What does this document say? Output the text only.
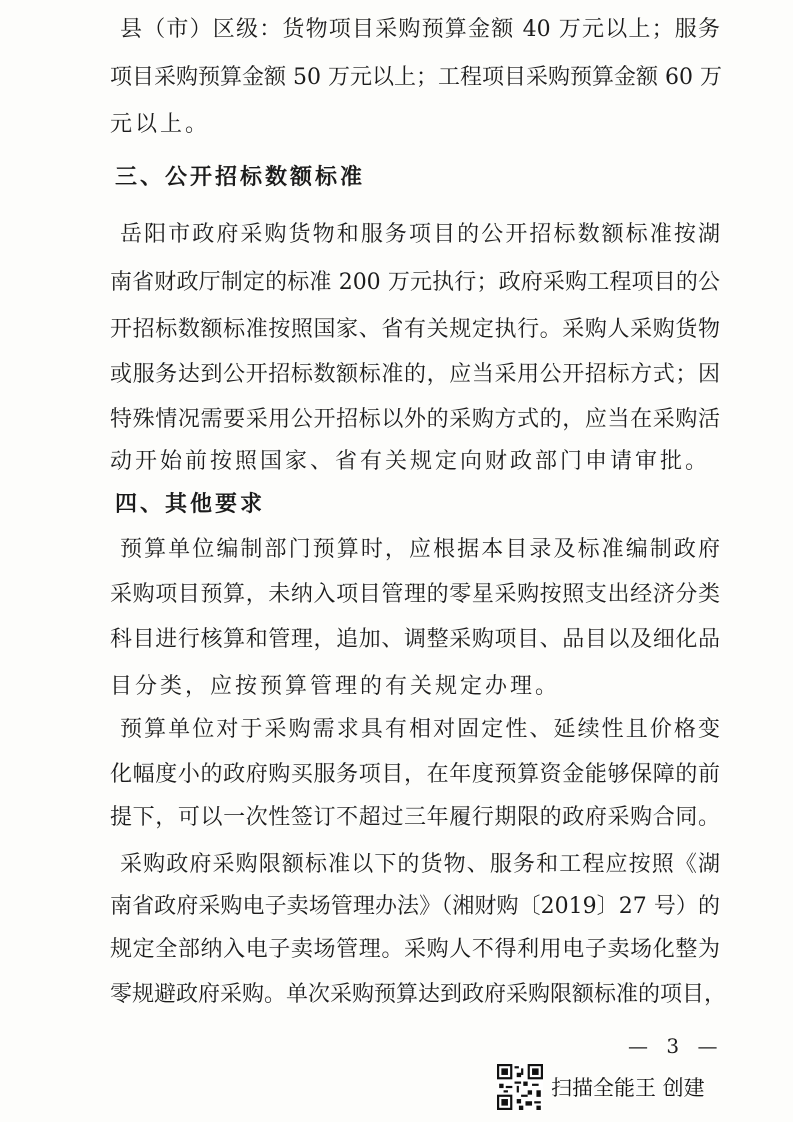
县（市）区级：货物项目采购预算金额 40 万元以上；服务
项目采购预算金额 50 万元以上；工程项目采购预算金额 60 万
元以上。
三、公开招标数额标准
岳阳市政府采购货物和服务项目的公开招标数额标准按湖
南省财政厅制定的标准 200 万元执行；政府采购工程项目的公
开招标数额标准按照国家、省有关规定执行。采购人采购货物
或服务达到公开招标数额标准的，应当采用公开招标方式；因
特殊情况需要采用公开招标以外的采购方式的，应当在采购活
动开始前按照国家、省有关规定向财政部门申请审批。
四、其他要求
预算单位编制部门预算时，应根据本目录及标准编制政府
采购项目预算，未纳入项目管理的零星采购按照支出经济分类
科目进行核算和管理，追加、调整采购项目、品目以及细化品
目分类，应按预算管理的有关规定办理。
预算单位对于采购需求具有相对固定性、延续性且价格变
化幅度小的政府购买服务项目，在年度预算资金能够保障的前
提下，可以一次性签订不超过三年履行期限的政府采购合同。
采购政府采购限额标准以下的货物、服务和工程应按照《湖
南省政府采购电子卖场管理办法》（湘财购〔2019〕27 号）的
规定全部纳入电子卖场管理。采购人不得利用电子卖场化整为
零规避政府采购。单次采购预算达到政府采购限额标准的项目，
— 3 —
扫描全能王 创建
